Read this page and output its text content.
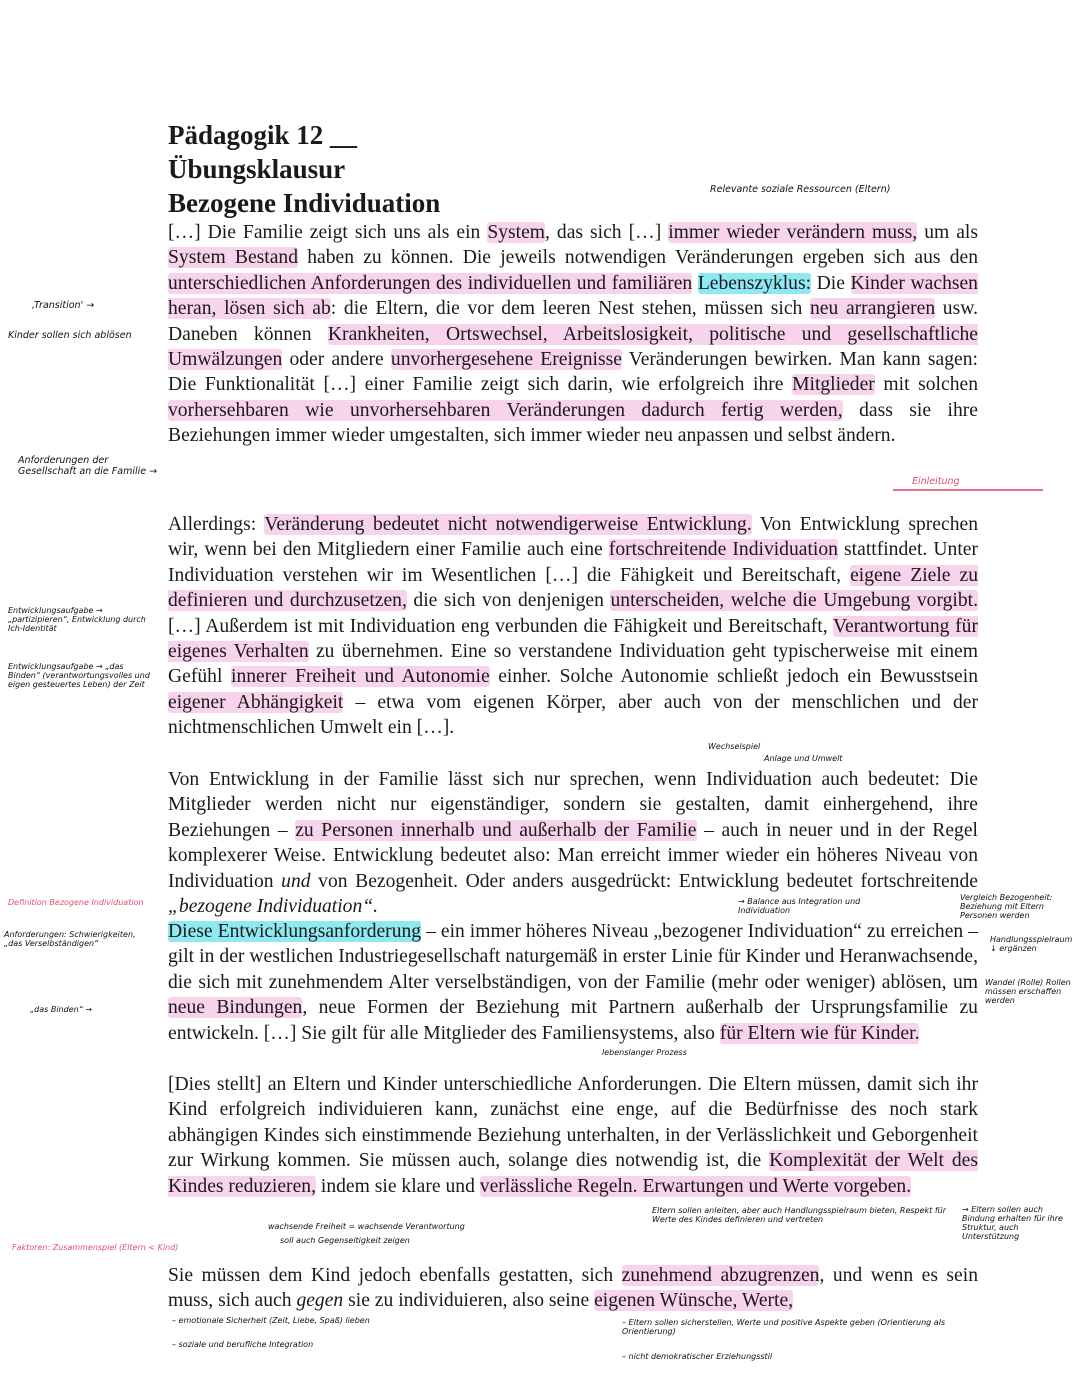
Pädagogik 12 __
Übungsklausur
Bezogene Individuation

[…] Die Familie zeigt sich uns als ein System, das sich […] immer wieder verändern muss, um als System Bestand haben zu können. Die jeweils notwendigen Veränderungen ergeben sich aus den unterschiedlichen Anforderungen des individuellen und familiären Lebenszyklus: Die Kinder wachsen heran, lösen sich ab: die Eltern, die vor dem leeren Nest stehen, müssen sich neu arrangieren usw. Daneben können Krankheiten, Ortswechsel, Arbeitslosigkeit, politische und gesellschaftliche Umwälzungen oder andere unvorhergesehene Ereignisse Veränderungen bewirken. Man kann sagen: Die Funktionalität […] einer Familie zeigt sich darin, wie erfolgreich ihre Mitglieder mit solchen vorhersehbaren wie unvorhersehbaren Veränderungen dadurch fertig werden, dass sie ihre Beziehungen immer wieder umgestalten, sich immer wieder neu anpassen und selbst ändern.

Allerdings: Veränderung bedeutet nicht notwendigerweise Entwicklung. Von Entwicklung sprechen wir, wenn bei den Mitgliedern einer Familie auch eine fortschreitende Individuation stattfindet. Unter Individuation verstehen wir im Wesentlichen […] die Fähigkeit und Bereitschaft, eigene Ziele zu definieren und durchzusetzen, die sich von denjenigen unterscheiden, welche die Umgebung vorgibt. […] Außerdem ist mit Individuation eng verbunden die Fähigkeit und Bereitschaft, Verantwortung für eigenes Verhalten zu übernehmen. Eine so verstandene Individuation geht typischerweise mit einem Gefühl innerer Freiheit und Autonomie einher. Solche Autonomie schließt jedoch ein Bewusstsein eigener Abhängigkeit – etwa vom eigenen Körper, aber auch von der menschlichen und der nichtmenschlichen Umwelt ein […].

Von Entwicklung in der Familie lässt sich nur sprechen, wenn Individuation auch bedeutet: Die Mitglieder werden nicht nur eigenständiger, sondern sie gestalten, damit einhergehend, ihre Beziehungen – zu Personen innerhalb und außerhalb der Familie – auch in neuer und in der Regel komplexerer Weise. Entwicklung bedeutet also: Man erreicht immer wieder ein höheres Niveau von Individuation und von Bezogenheit. Oder anders ausgedrückt: Entwicklung bedeutet fortschreitende „bezogene Individuation“.

Diese Entwicklungsanforderung – ein immer höheres Niveau „bezogener Individuation“ zu erreichen – gilt in der westlichen Industriegesellschaft naturgemäß in erster Linie für Kinder und Heranwachsende, die sich mit zunehmendem Alter verselbständigen, von der Familie (mehr oder weniger) ablösen, um neue Bindungen, neue Formen der Beziehung mit Partnern außerhalb der Ursprungsfamilie zu entwickeln. […] Sie gilt für alle Mitglieder des Familiensystems, also für Eltern wie für Kinder.

[Dies stellt] an Eltern und Kinder unterschiedliche Anforderungen. Die Eltern müssen, damit sich ihr Kind erfolgreich individuieren kann, zunächst eine enge, auf die Bedürfnisse des noch stark abhängigen Kindes sich einstimmende Beziehung unterhalten, in der Verlässlichkeit und Geborgenheit zur Wirkung kommen. Sie müssen auch, solange dies notwendig ist, die Komplexität der Welt des Kindes reduzieren, indem sie klare und verlässliche Regeln. Erwartungen und Werte vorgeben.

Sie müssen dem Kind jedoch ebenfalls gestatten, sich zunehmend abzugrenzen, und wenn es sein muss, sich auch gegen sie zu individuieren, also seine eigenen Wünsche, Werte,

Relevante soziale Ressourcen (Eltern)
‚Transition' →
Kinder sollen sich ablösen
Anforderungen der Gesellschaft an die Familie →
Einleitung
Entwicklungsaufgabe → „partizipieren“, Entwicklung durch Ich-Identität
Entwicklungsaufgabe → „das Binden“ (verantwortungsvolles und eigen gesteuertes Leben) der Zeit
Wechselspiel
Anlage und Umwelt
Definition Bezogene Individuation
Anforderungen: Schwierigkeiten, „das Verselbständigen“
„das Binden“ →
→ Balance aus Integration und Individuation
Vergleich Bezogenheit: Beziehung mit Eltern Personen werden
Handlungsspielraum ↓ ergänzen
Wandel (Rolle) Rollen müssen erschaffen werden
lebenslanger Prozess
wachsende Freiheit = wachsende Verantwortung
soll auch Gegenseitigkeit zeigen
Eltern sollen anleiten, aber auch Handlungsspielraum bieten, Respekt für Werte des Kindes definieren und vertreten
→ Eltern sollen auch Bindung erhalten für ihre Struktur, auch Unterstützung
Faktoren: Zusammenspiel (Eltern < Kind)
– emotionale Sicherheit (Zeit, Liebe, Spaß) lieben
– soziale und berufliche Integration
– Eltern sollen sicherstellen, Werte und positive Aspekte geben (Orientierung als Orientierung)
– nicht demokratischer Erziehungsstil
